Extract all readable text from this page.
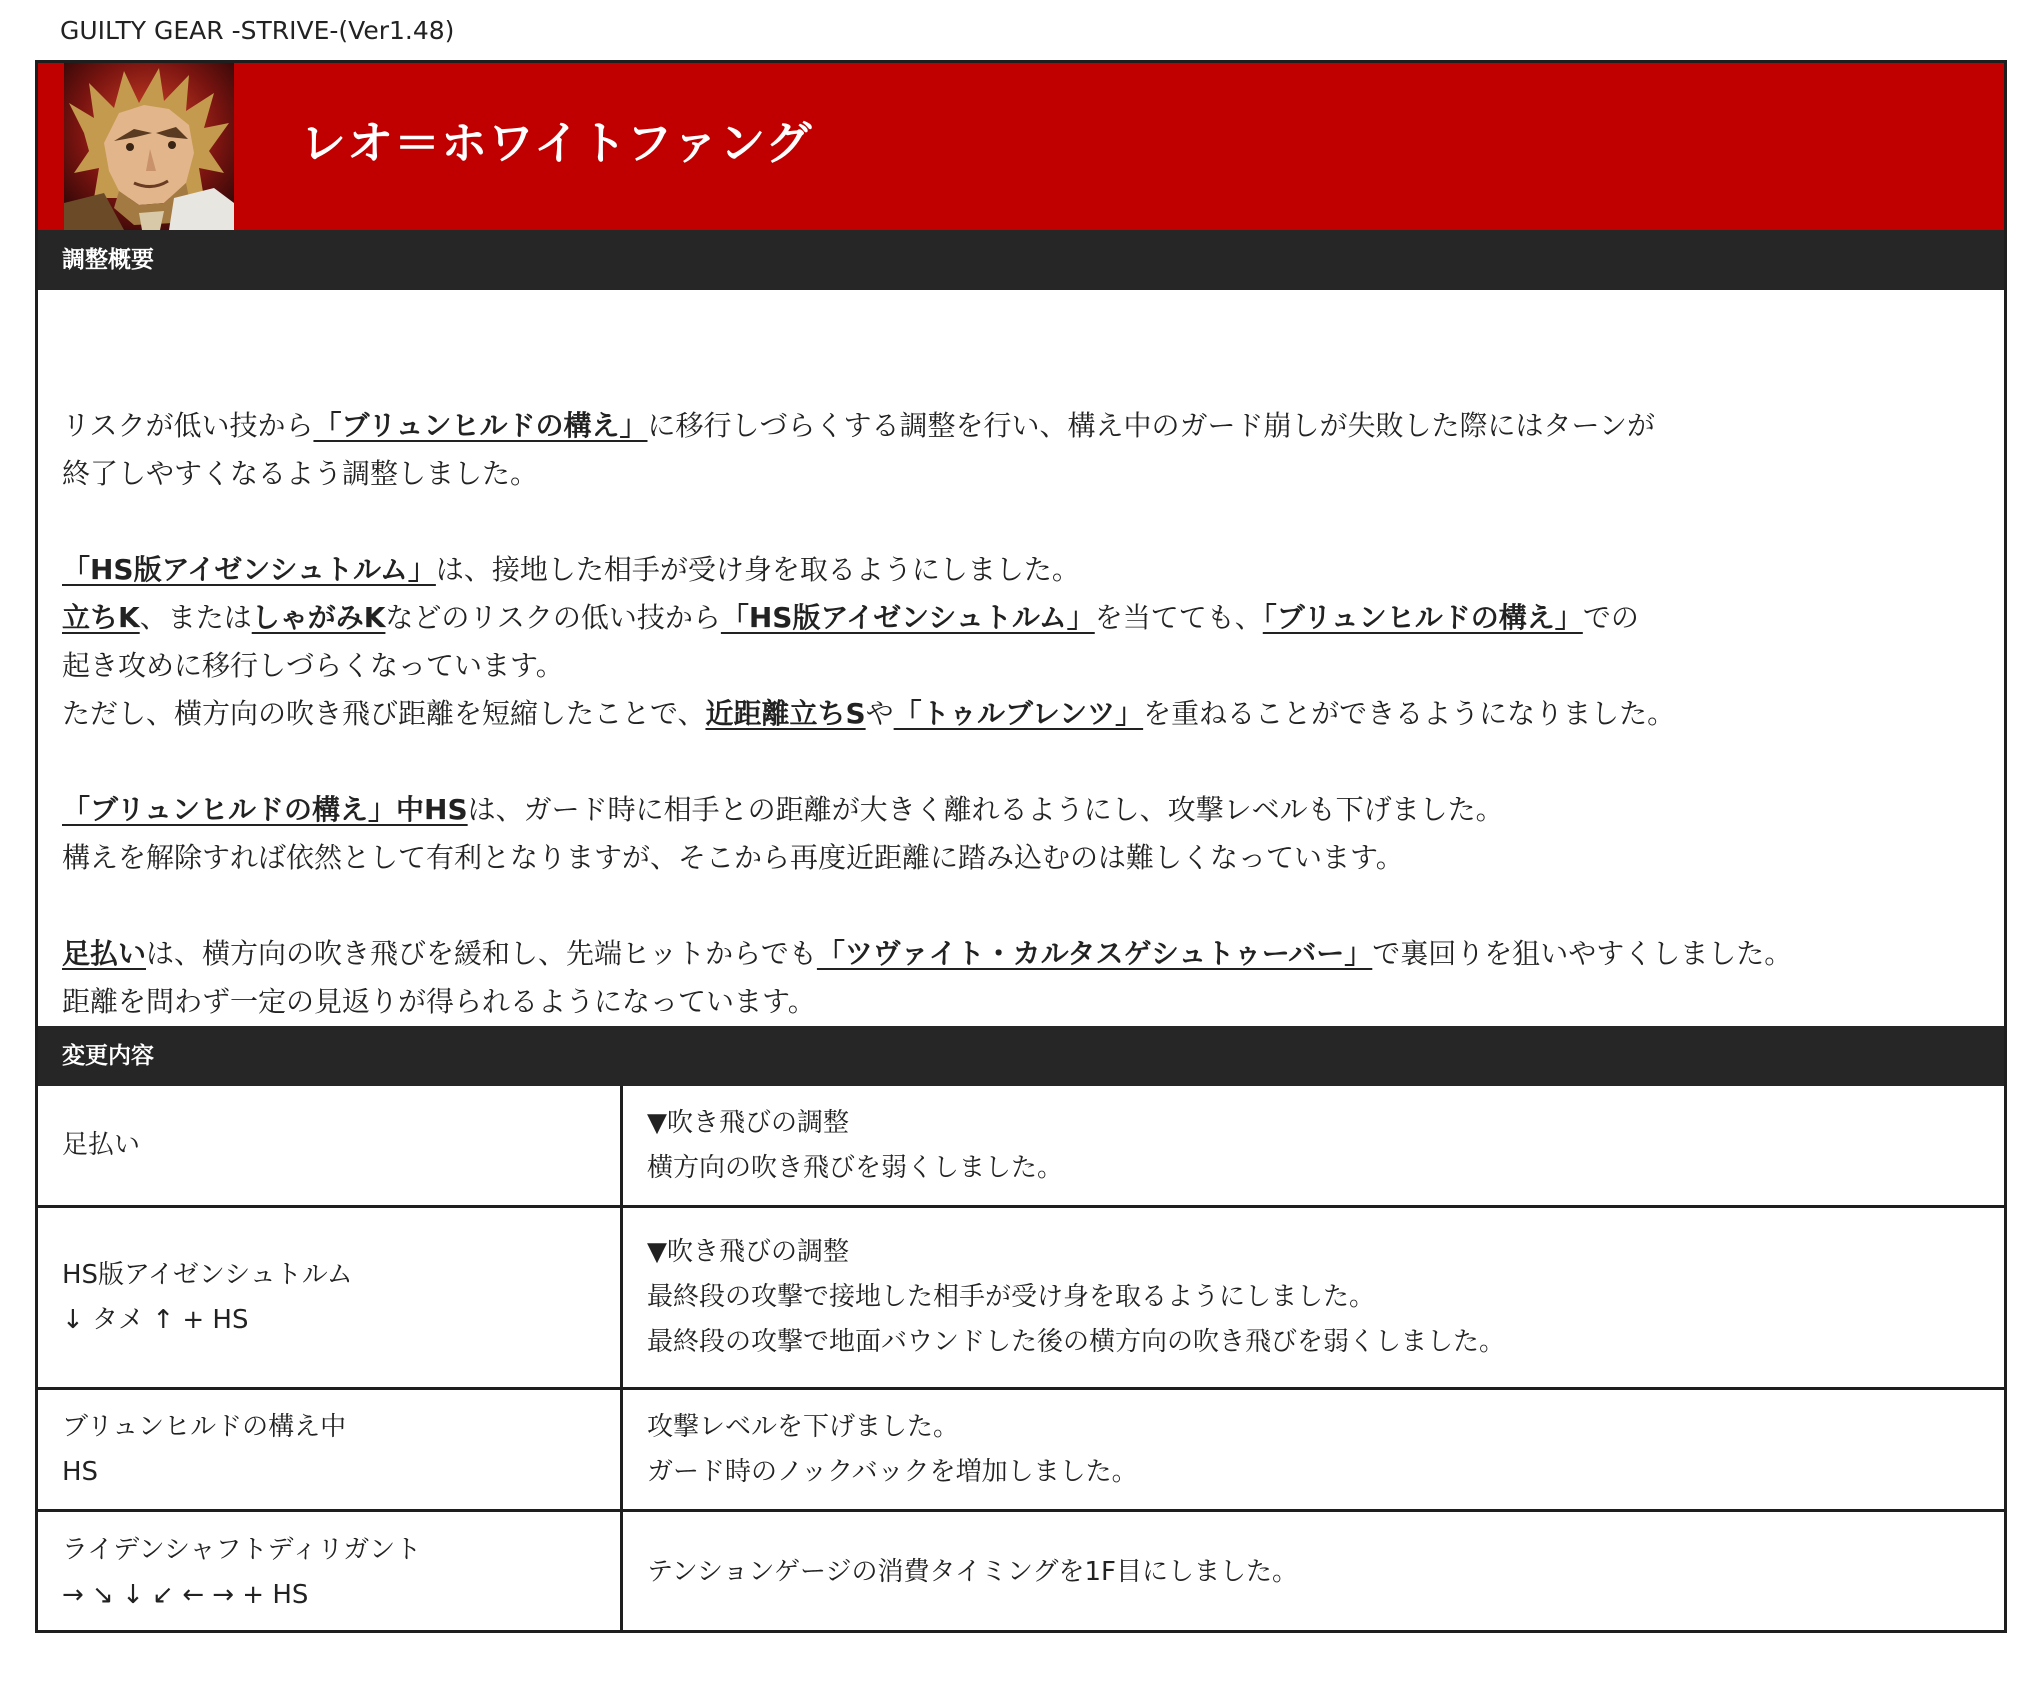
GUILTY GEAR -STRIVE-(Ver1.48)
レオ＝ホワイトファング
調整概要
リスクが低い技から「ブリュンヒルドの構え」に移行しづらくする調整を行い、構え中のガード崩しが失敗した際にはターンが
終了しやすくなるよう調整しました。
「HS版アイゼンシュトルム」は、接地した相手が受け身を取るようにしました。
立ちK、またはしゃがみKなどのリスクの低い技から「HS版アイゼンシュトルム」を当てても、「ブリュンヒルドの構え」での
起き攻めに移行しづらくなっています。
ただし、横方向の吹き飛び距離を短縮したことで、近距離立ちSや「トゥルブレンツ」を重ねることができるようになりました。
「ブリュンヒルドの構え」中HSは、ガード時に相手との距離が大きく離れるようにし、攻撃レベルも下げました。
構えを解除すれば依然として有利となりますが、そこから再度近距離に踏み込むのは難しくなっています。
足払いは、横方向の吹き飛びを緩和し、先端ヒットからでも「ツヴァイト・カルタスゲシュトゥーバー」で裏回りを狙いやすくしました。
距離を問わず一定の見返りが得られるようになっています。
変更内容
足払い	▼吹き飛びの調整
横方向の吹き飛びを弱くしました。

HS版アイゼンシュトルム
↓ タメ ↑ + HS	▼吹き飛びの調整
最終段の攻撃で接地した相手が受け身を取るようにしました。
最終段の攻撃で地面バウンドした後の横方向の吹き飛びを弱くしました。

ブリュンヒルドの構え中
HS	攻撃レベルを下げました。
ガード時のノックバックを増加しました。

ライデンシャフトディリガント
→ ↘ ↓ ↙ ← → + HS	テンションゲージの消費タイミングを1F目にしました。
